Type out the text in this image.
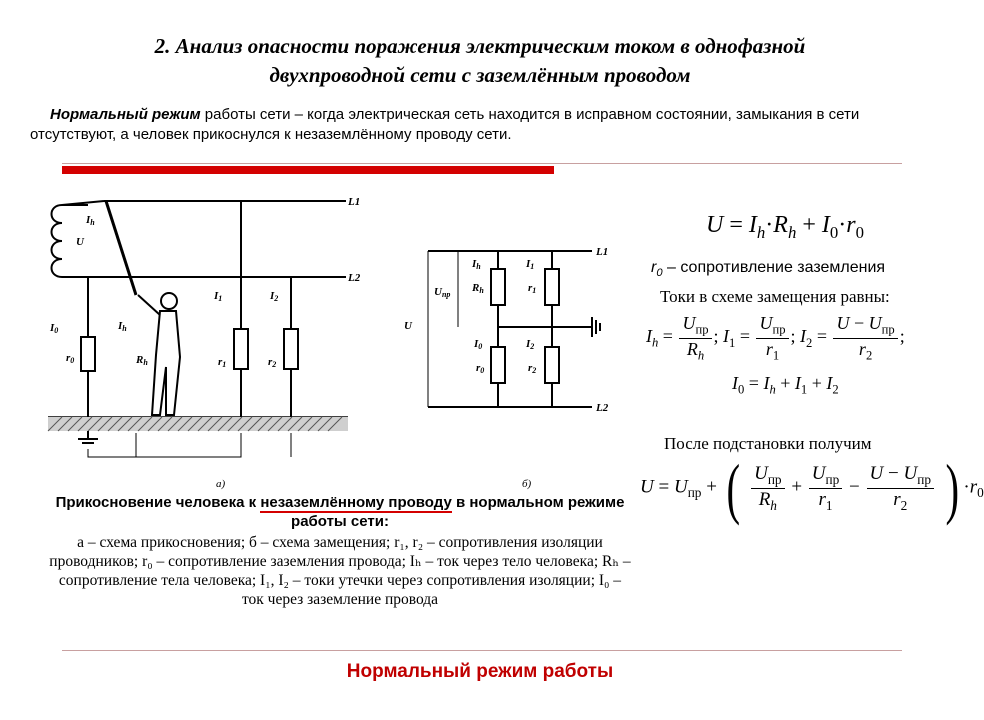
2. Анализ опасности поражения электрическим током в однофазной
двухпроводной сети с заземлённым проводом
Нормальный режим работы сети – когда электрическая сеть находится в исправном состоянии, замыкания в сети отсутствуют, а человек прикоснулся к незаземлённому проводу сети.
L1
L2
Ih
U
I0
r0
Ih
Rh
I1	I2
r1	r2
а)
L1
L2
Uпр
U
Ih
Rh
I1
r1
I0
r0
I2
r2
б)
Прикосновение человека к незаземлённому проводу в нормальном режиме работы сети:
а – схема прикосновения; б – схема замещения; r₁, r₂ – сопротивления изоляции проводников; r₀ – сопротивление заземления провода; Iₕ – ток через тело человека; Rₕ – сопротивление тела человека; I₁, I₂ – токи утечки через сопротивления изоляции; I₀ – ток через заземление провода
$U = I_h\cdot R_h + I_0\cdot r_0$
$r_0$ – сопротивление заземления
Токи в схеме замещения равны:
$I_h = \frac{U_{пр}}{R_h}$ ; $I_1 = \frac{U_{пр}}{r_1}$ ; $I_2 = \frac{U - U_{пр}}{r_2}$ ;
$I_0 = I_h + I_1 + I_2$
После подстановки получим
$U = U_{пр}$ + ( $\frac{U_{пр}}{R_h} + \frac{U_{пр}}{r_1} - \frac{U - U_{пр}}{r_2}$ ) $\cdot r_0$
Нормальный режим работы
